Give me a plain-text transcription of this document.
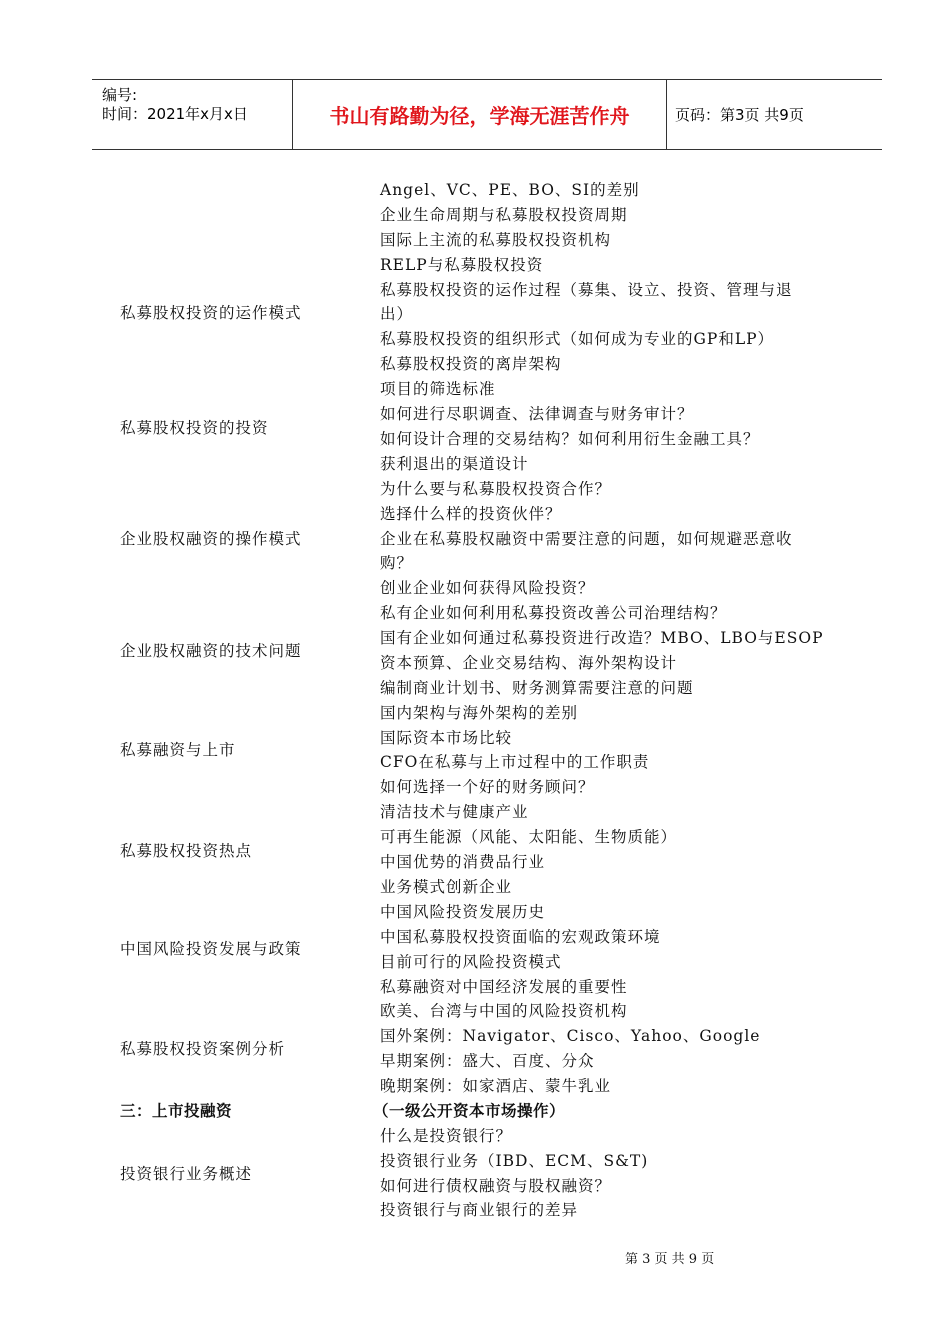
编号:
时间：2021年x月x日	书山有路勤为径，学海无涯苦作舟	页码：第3页 共9页
私募股权投资的运作模式
私募股权投资的投资
企业股权融资的操作模式
企业股权融资的技术问题
私募融资与上市
私募股权投资热点
中国风险投资发展与政策
私募股权投资案例分析
三：上市投融资
投资银行业务概述
Angel、VC、PE、BO、SI的差别
企业生命周期与私募股权投资周期
国际上主流的私募股权投资机构
RELP与私募股权投资
私募股权投资的运作过程（募集、设立、投资、管理与退
出）
私募股权投资的组织形式（如何成为专业的GP和LP）
私募股权投资的离岸架构
项目的筛选标准
如何进行尽职调查、法律调查与财务审计？
如何设计合理的交易结构？如何利用衍生金融工具？
获利退出的渠道设计
为什么要与私募股权投资合作？
选择什么样的投资伙伴？
企业在私募股权融资中需要注意的问题，如何规避恶意收
购？
创业企业如何获得风险投资？
私有企业如何利用私募投资改善公司治理结构？
国有企业如何通过私募投资进行改造？MBO、LBO与ESOP
资本预算、企业交易结构、海外架构设计
编制商业计划书、财务测算需要注意的问题
国内架构与海外架构的差别
国际资本市场比较
CFO在私募与上市过程中的工作职责
如何选择一个好的财务顾问？
清洁技术与健康产业
可再生能源（风能、太阳能、生物质能）
中国优势的消费品行业
业务模式创新企业
中国风险投资发展历史
中国私募股权投资面临的宏观政策环境
目前可行的风险投资模式
私募融资对中国经济发展的重要性
欧美、台湾与中国的风险投资机构
国外案例：Navigator、Cisco、Yahoo、Google
早期案例：盛大、百度、分众
晚期案例：如家酒店、蒙牛乳业
（一级公开资本市场操作）
什么是投资银行？
投资银行业务（IBD、ECM、S&T)
如何进行债权融资与股权融资？
投资银行与商业银行的差异
第 3 页 共 9 页
